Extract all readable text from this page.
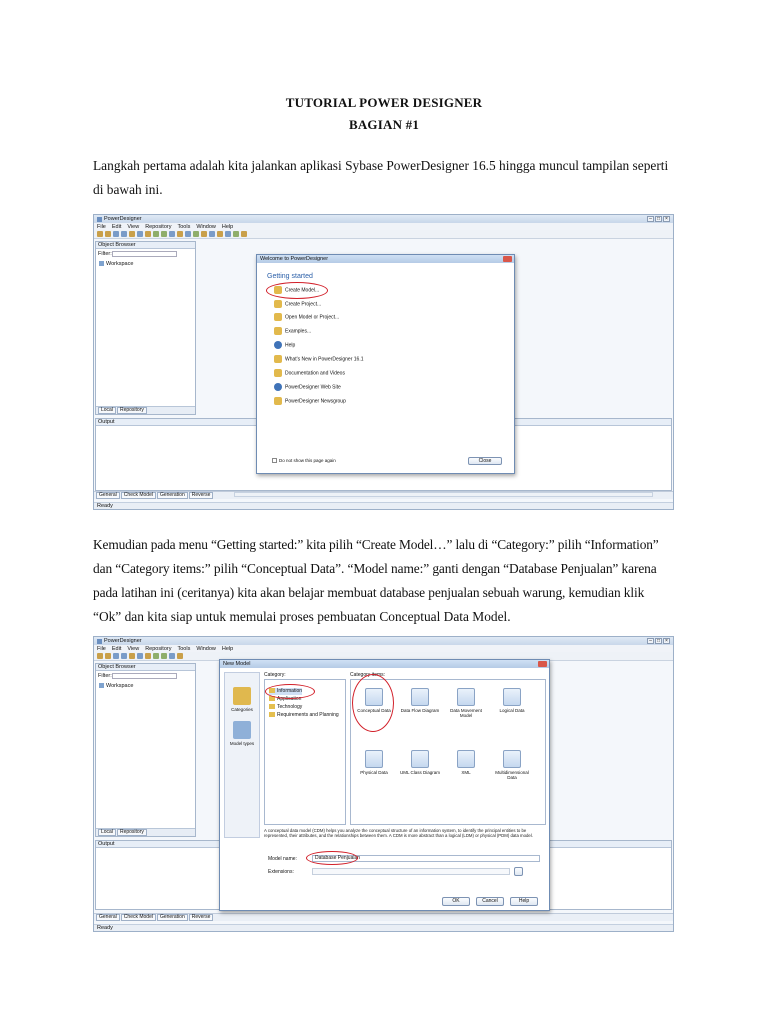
TUTORIAL POWER DESIGNER
BAGIAN #1
Langkah pertama adalah kita jalankan aplikasi Sybase PowerDesigner 16.5 hingga muncul tampilan seperti
di bawah ini.
PowerDesigner	–	□	×
File Edit View Repository Tools Window Help
Object Browser
Filter:
Workspace
Local	Repository
Output
General	Check Model	Generation	Reverse
Ready
Welcome to PowerDesigner
Getting started
Create Model...
Create Project...
Open Model or Project...
Examples...
Help
What's New in PowerDesigner 16.1
Documentation and Videos
PowerDesigner Web Site
PowerDesigner Newsgroup
Do not show this page again	Close
Kemudian pada menu “Getting started:” kita pilih “Create Model…” lalu di “Category:” pilih “Information”
dan “Category items:” pilih “Conceptual Data”. “Model name:” ganti dengan “Database Penjualan” karena
pada latihan ini (ceritanya) kita akan belajar membuat database penjualan sebuah warung, kemudian klik
“Ok” dan kita siap untuk memulai proses pembuatan Conceptual Data Model.
PowerDesigner	–	□	×
File Edit View Repository Tools Window Help
Object Browser
Filter:
Workspace
Local	Repository
Output
General	Check Model	Generation	Reverse
Ready
New Model
Categories
Model types
Category:
Information
Application
Technology
Requirements and Planning
Category items:
Conceptual Data	Data Flow Diagram	Data Movement Model
Logical Data
Physical Data	UML Class Diagram	XML	Multidimensional Data
A conceptual data model (CDM) helps you analyze the conceptual structure of an information system, to identify the principal entities to be represented, their attributes, and the relationships between them. A CDM is more abstract than a logical (LDM) or physical (PDM) data model.
Model name:	Database Penjualan
Extensions:
OK	Cancel	Help
